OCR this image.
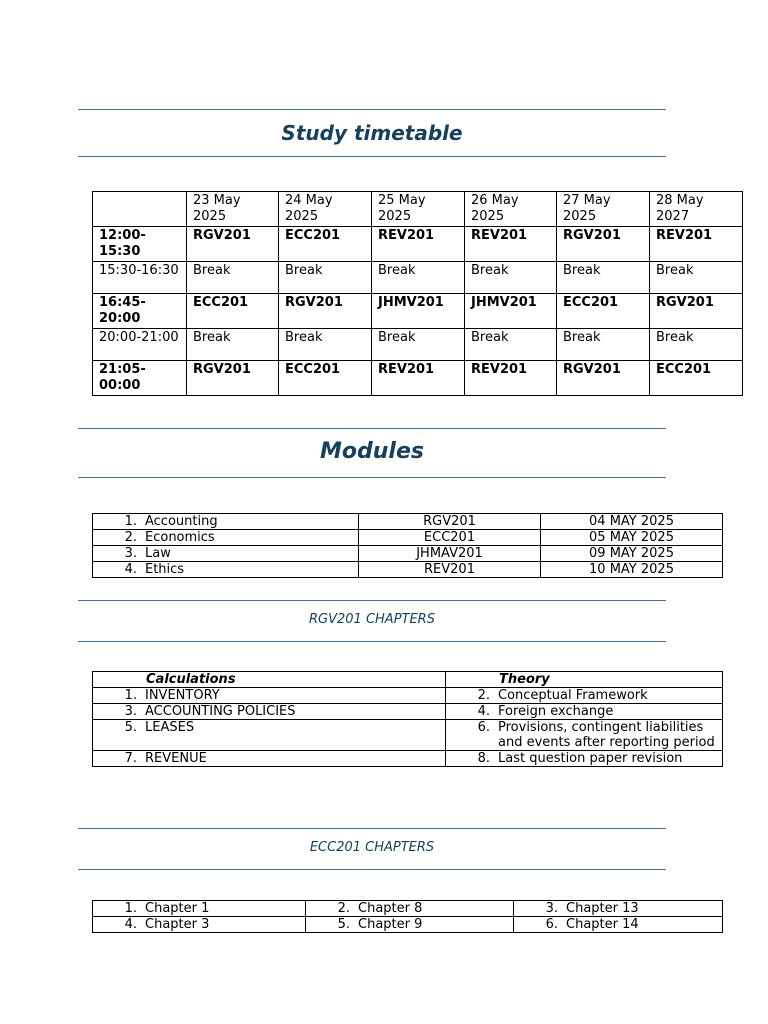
Study timetable
	23 May 2025	24 May 2025	25 May 2025	26 May 2025	27 May 2025	28 May 2027
12:00-15:30	RGV201	ECC201	REV201	REV201	RGV201	REV201
15:30-16:30	Break	Break	Break	Break	Break	Break
16:45-20:00	ECC201	RGV201	JHMV201	JHMV201	ECC201	RGV201
20:00-21:00	Break	Break	Break	Break	Break	Break
21:05-00:00	RGV201	ECC201	REV201	REV201	RGV201	ECC201
Modules
1. Accounting	RGV201	04 MAY 2025

2. Economics	ECC201	05 MAY 2025

3. Law	JHMAV201	09 MAY 2025

4. Ethics	REV201	10 MAY 2025
RGV201 CHAPTERS
Calculations	Theory

1. INVENTORY	2. Conceptual Framework

3. ACCOUNTING POLICIES	4. Foreign exchange

5. LEASES	6. Provisions, contingent liabilities and events after reporting period

7. REVENUE	8. Last question paper revision
ECC201 CHAPTERS
1. Chapter 1	2. Chapter 8	3. Chapter 13

4. Chapter 3	5. Chapter 9	6. Chapter 14
